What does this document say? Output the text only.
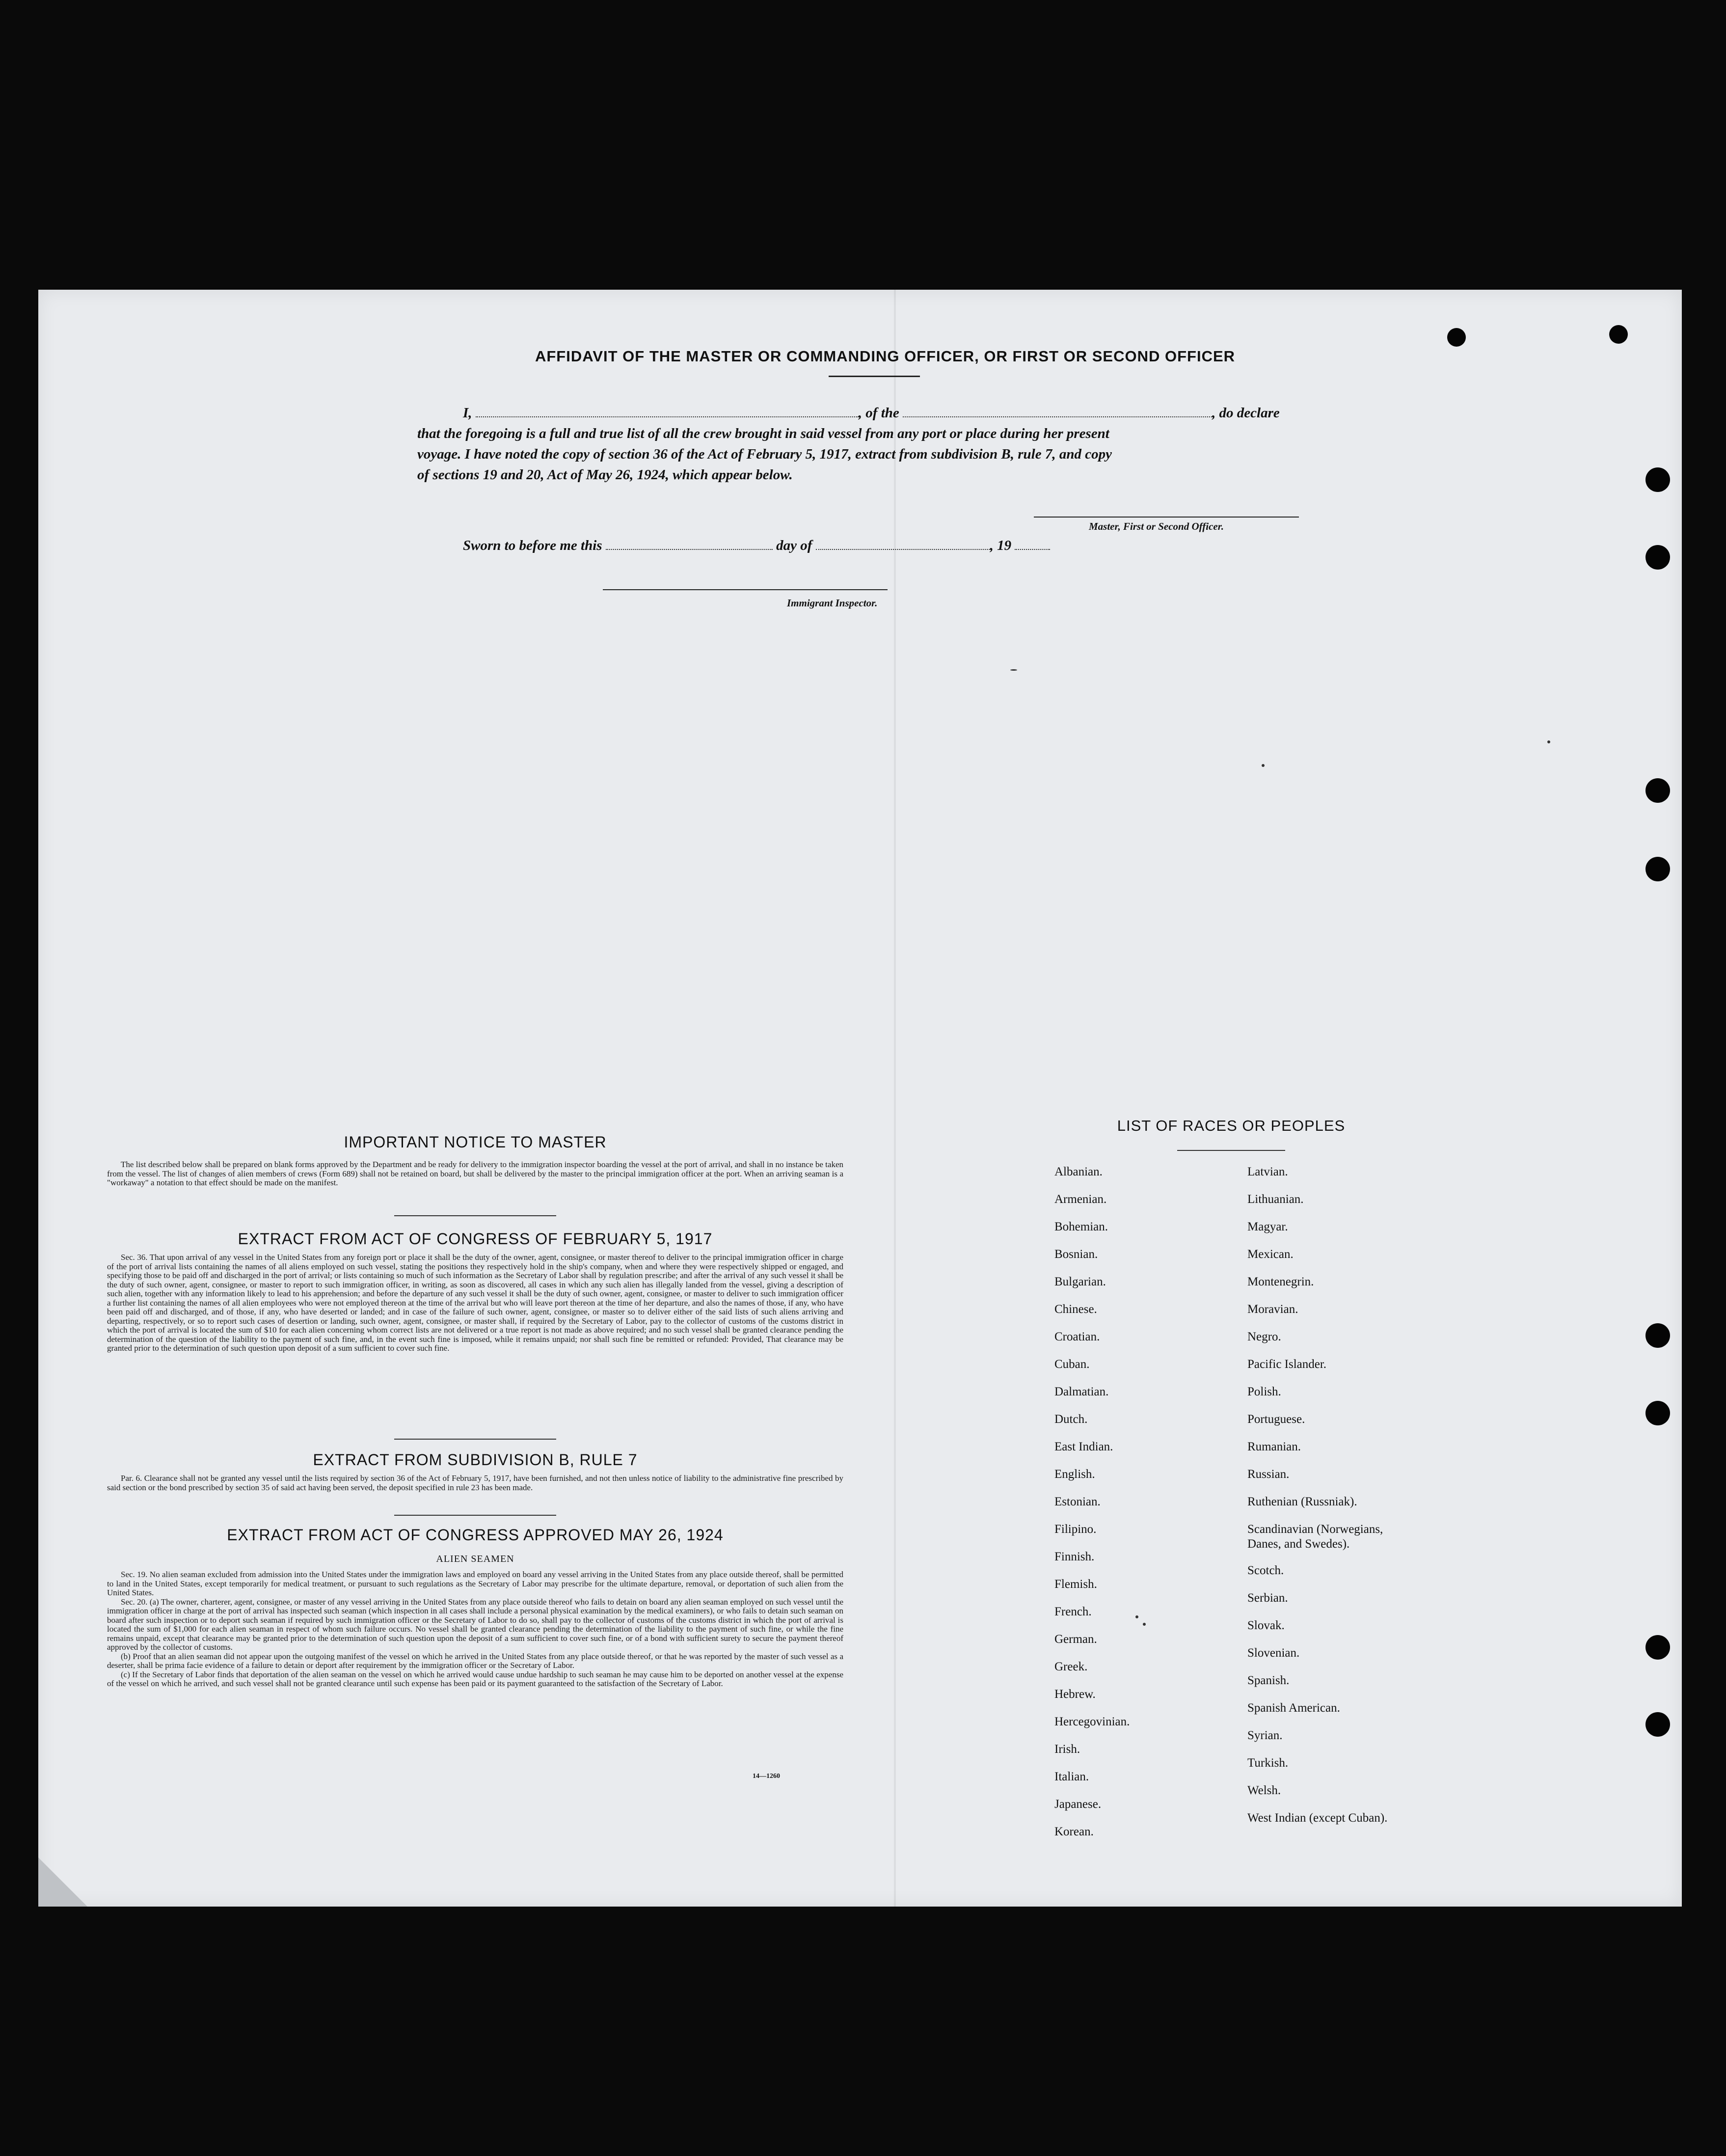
AFFIDAVIT OF THE MASTER OR COMMANDING OFFICER, OR FIRST OR SECOND OFFICER
I,	, of the	, do declare
that the foregoing is a full and true list of all the crew brought in said vessel from any port or place during her present
voyage. I have noted the copy of section 36 of the Act of February 5, 1917, extract from subdivision B, rule 7, and copy
of sections 19 and 20, Act of May 26, 1924, which appear below.
Master, First or Second Officer.
Sworn to before me this	day of	, 19
Immigrant Inspector.
IMPORTANT NOTICE TO MASTER

The list described below shall be prepared on blank forms approved by the Department and be ready for delivery to the immigration inspector boarding the vessel at the port of arrival, and shall in no instance be taken from the vessel. The list of changes of alien members of crews (Form 689) shall not be retained on board, but shall be delivered by the master to the principal immigration officer at the port. When an arriving seaman is a "workaway" a notation to that effect should be made on the manifest.

EXTRACT FROM ACT OF CONGRESS OF FEBRUARY 5, 1917

Sec. 36. That upon arrival of any vessel in the United States from any foreign port or place it shall be the duty of the owner, agent, consignee, or master thereof to deliver to the principal immigration officer in charge of the port of arrival lists containing the names of all aliens employed on such vessel, stating the positions they respectively hold in the ship's company, when and where they were respectively shipped or engaged, and specifying those to be paid off and discharged in the port of arrival; or lists containing so much of such information as the Secretary of Labor shall by regulation prescribe; and after the arrival of any such vessel it shall be the duty of such owner, agent, consignee, or master to report to such immigration officer, in writing, as soon as discovered, all cases in which any such alien has illegally landed from the vessel, giving a description of such alien, together with any information likely to lead to his apprehension; and before the departure of any such vessel it shall be the duty of such owner, agent, consignee, or master to deliver to such immigration officer a further list containing the names of all alien employees who were not employed thereon at the time of the arrival but who will leave port thereon at the time of her departure, and also the names of those, if any, who have been paid off and discharged, and of those, if any, who have deserted or landed; and in case of the failure of such owner, agent, consignee, or master so to deliver either of the said lists of such aliens arriving and departing, respectively, or so to report such cases of desertion or landing, such owner, agent, consignee, or master shall, if required by the Secretary of Labor, pay to the collector of customs of the customs district in which the port of arrival is located the sum of $10 for each alien concerning whom correct lists are not delivered or a true report is not made as above required; and no such vessel shall be granted clearance pending the determination of the question of the liability to the payment of such fine, and, in the event such fine is imposed, while it remains unpaid; nor shall such fine be remitted or refunded: Provided, That clearance may be granted prior to the determination of such question upon deposit of a sum sufficient to cover such fine.

EXTRACT FROM SUBDIVISION B, RULE 7

Par. 6. Clearance shall not be granted any vessel until the lists required by section 36 of the Act of February 5, 1917, have been furnished, and not then unless notice of liability to the administrative fine prescribed by said section or the bond prescribed by section 35 of said act having been served, the deposit specified in rule 23 has been made.

EXTRACT FROM ACT OF CONGRESS APPROVED MAY 26, 1924
ALIEN SEAMEN

Sec. 19. No alien seaman excluded from admission into the United States under the immigration laws and employed on board any vessel arriving in the United States from any place outside thereof, shall be permitted to land in the United States, except temporarily for medical treatment, or pursuant to such regulations as the Secretary of Labor may prescribe for the ultimate departure, removal, or deportation of such alien from the United States.

Sec. 20. (a) The owner, charterer, agent, consignee, or master of any vessel arriving in the United States from any place outside thereof who fails to detain on board any alien seaman employed on such vessel until the immigration officer in charge at the port of arrival has inspected such seaman (which inspection in all cases shall include a personal physical examination by the medical examiners), or who fails to detain such seaman on board after such inspection or to deport such seaman if required by such immigration officer or the Secretary of Labor to do so, shall pay to the collector of customs of the customs district in which the port of arrival is located the sum of $1,000 for each alien seaman in respect of whom such failure occurs. No vessel shall be granted clearance pending the determination of the liability to the payment of such fine, or while the fine remains unpaid, except that clearance may be granted prior to the determination of such question upon the deposit of a sum sufficient to cover such fine, or of a bond with sufficient surety to secure the payment thereof approved by the collector of customs.

(b) Proof that an alien seaman did not appear upon the outgoing manifest of the vessel on which he arrived in the United States from any place outside thereof, or that he was reported by the master of such vessel as a deserter, shall be prima facie evidence of a failure to detain or deport after requirement by the immigration officer or the Secretary of Labor.

(c) If the Secretary of Labor finds that deportation of the alien seaman on the vessel on which he arrived would cause undue hardship to such seaman he may cause him to be deported on another vessel at the expense of the vessel on which he arrived, and such vessel shall not be granted clearance until such expense has been paid or its payment guaranteed to the satisfaction of the Secretary of Labor.

14—1260
LIST OF RACES OR PEOPLES
Albanian.
Armenian.
Bohemian.
Bosnian.
Bulgarian.
Chinese.
Croatian.
Cuban.
Dalmatian.
Dutch.
East Indian.
English.
Estonian.
Filipino.
Finnish.
Flemish.
French.
German.
Greek.
Hebrew.
Hercegovinian.
Irish.
Italian.
Japanese.
Korean.
Latvian.
Lithuanian.
Magyar.
Mexican.
Montenegrin.
Moravian.
Negro.
Pacific Islander.
Polish.
Portuguese.
Rumanian.
Russian.
Ruthenian (Russniak).
Scandinavian (Norwegians, Danes, and Swedes).
Scotch.
Serbian.
Slovak.
Slovenian.
Spanish.
Spanish American.
Syrian.
Turkish.
Welsh.
West Indian (except Cuban).
